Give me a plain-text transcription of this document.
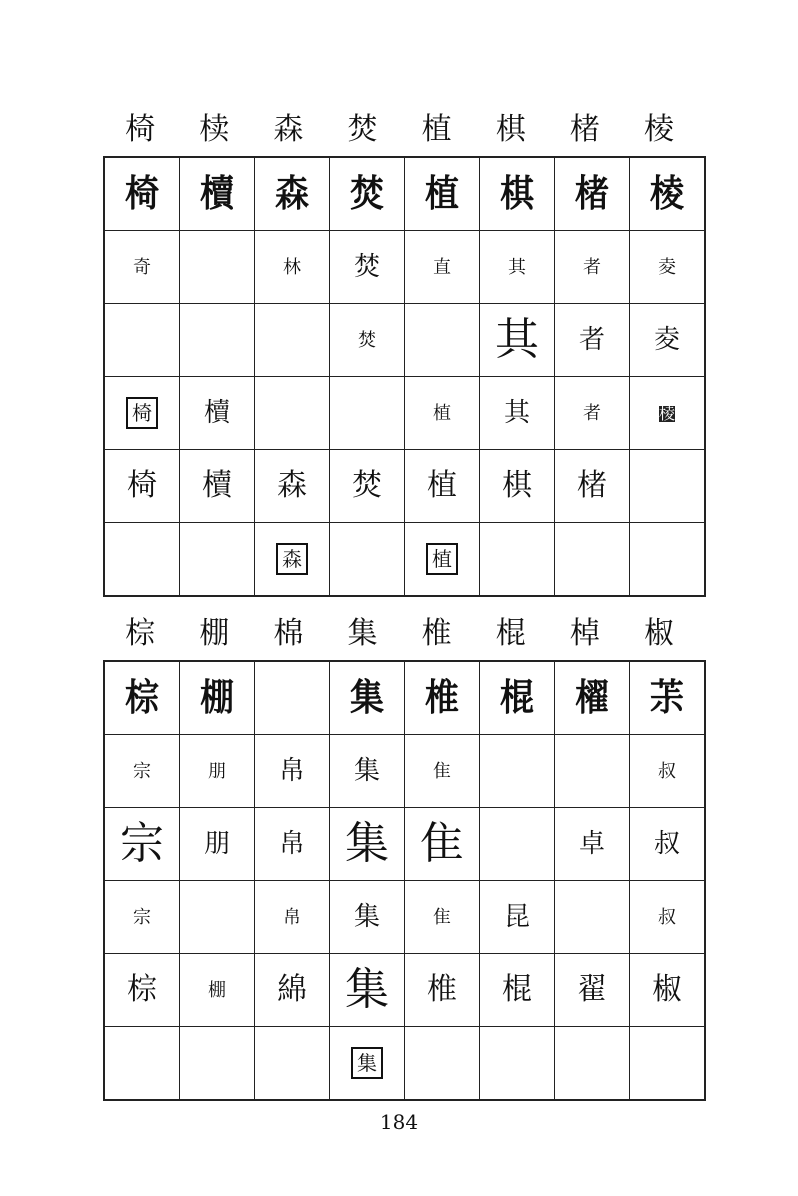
椅	椟	森	焚	植	棋	楮	棱
椅	櫝	森	焚	植	棋	楮	棱
奇		林	焚	直	其	者	夌
			焚		其	者	夌
椅	櫝			植	其	者	棱
椅	櫝	森	焚	植	棋	楮	
		森		植			
棕	棚	棉	集	椎	棍	棹	椒
棕	棚		集	椎	棍	櫂	茮
宗	朋	帛	集	隹			叔
宗	朋	帛	集	隹		卓	叔
宗		帛	集	隹	昆		叔
棕	棚	綿	集	椎	棍	翟	椒
			集				
184
